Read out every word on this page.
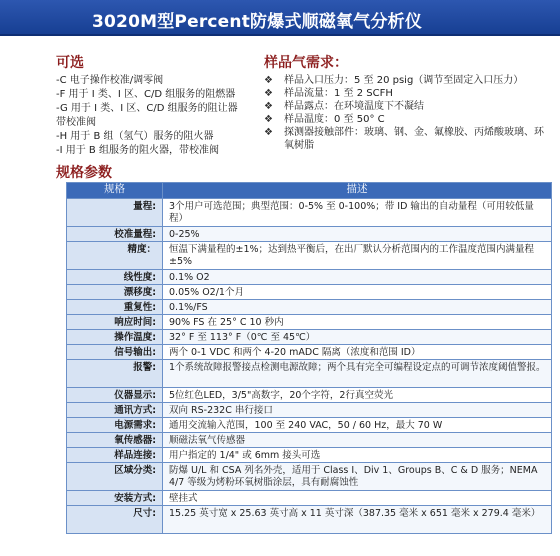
3020M型Percent防爆式顺磁氧气分析仪
可选
-C 电子操作校准/调零阀
-F 用于 I 类、I 区、C/D 组服务的阻燃器
-G 用于 I 类、I 区、C/D 组服务的阻让器
带校准阀
-H 用于 B 组（氢气）服务的阻火器
-I 用于 B 组服务的阻火器，带校准阀
样品气需求：
❖	样品入口压力：5 至 20 psig（调节至固定入口压力）
❖	样品流量：1 至 2 SCFH
❖	样品露点：在环境温度下不凝结
❖	样品温度：0 至 50° C
❖	探测器接触部件：玻璃、钢、金、氟橡胶、丙烯酸玻璃、环氧树脂
规格参数
规格	描述
量程:	3个用户可选范围；典型范围：0-5% 至 0-100%；带 ID 输出的自动量程（可用较低量程）
校准量程:	0-25%
精度：	恒温下满量程的±1%；达到热平衡后，在出厂默认分析范围内的工作温度范围内满量程±5%
线性度:	0.1% O2
漂移度:	0.05% O2/1个月
重复性:	0.1%/FS
响应时间:	90% FS 在 25° C 10 秒内
操作温度:	32° F 至 113° F（0℃ 至 45℃）
信号输出:	两个 0-1 VDC 和两个 4-20 mADC 隔离（浓度和范围 ID）
报警:	1个系统故障报警接点检测电源故障；两个具有完全可编程设定点的可调节浓度阈值警报。
仪器显示:	5位红色LED，3/5"高数字，20个字符，2行真空荧光
通讯方式:	双向 RS-232C 串行接口
电源需求:	通用交流输入范围，100 至 240 VAC，50 / 60 Hz，最大 70 W
氧传感器:	顺磁法氧气传感器
样品连接:	用户指定的 1/4" 或 6mm 接头可选
区域分类:	防爆 U/L 和 CSA 列名外壳，适用于 Class I、Div 1、Groups B、C & D 服务；NEMA 4/7 等级为烤粉环氧树脂涂层，具有耐腐蚀性
安装方式:	壁挂式
尺寸:	15.25 英寸宽 x 25.63 英寸高 x 11 英寸深（387.35 毫米 x 651 毫米 x 279.4 毫米）
